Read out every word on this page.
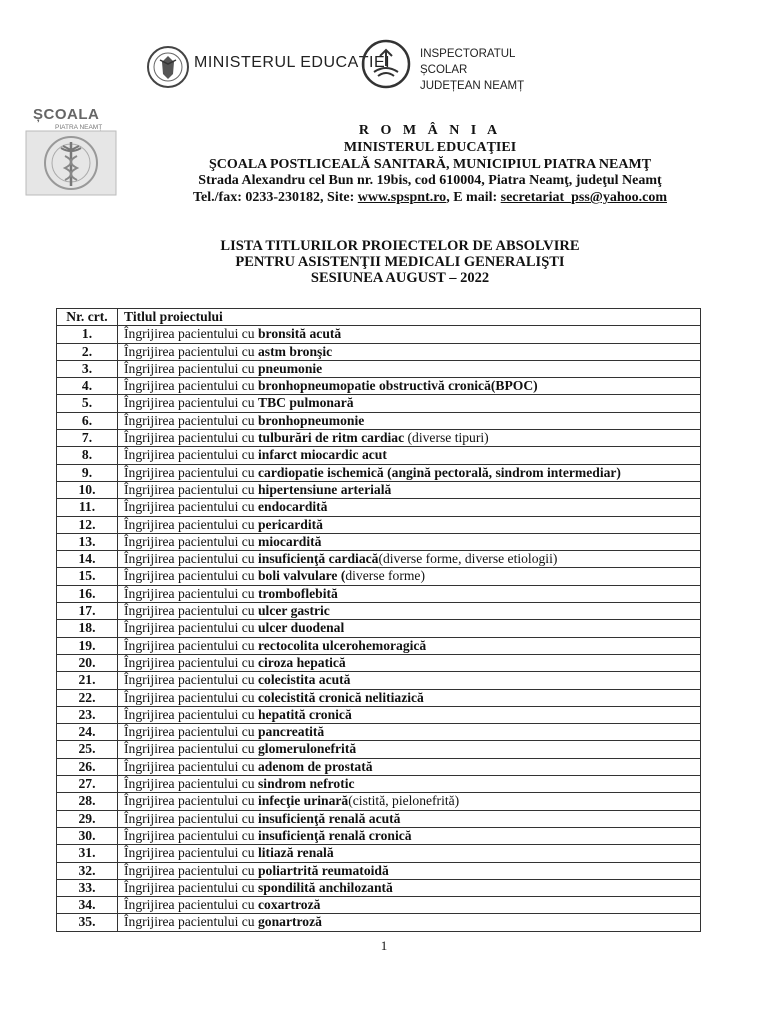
MINISTERUL EDUCAȚIEI	INSPECTORATUL ȘCOLAR
JUDEȚEAN NEAMȚ
ȘCOALA
PIATRA NEAMȚ	R O M Â N I A
MINISTERUL EDUCAŢIEI
ŞCOALA POSTLICEALĂ SANITARĂ, MUNICIPIUL PIATRA NEAMŢ
Strada Alexandru cel Bun nr. 19bis, cod 610004, Piatra Neamţ, judeţul Neamţ
Tel./fax: 0233-230182, Site: www.spspnt.ro, E mail: secretariat_pss@yahoo.com
LISTA TITLURILOR PROIECTELOR DE ABSOLVIRE
PENTRU ASISTENŢII MEDICALI GENERALIŞTI
SESIUNEA AUGUST – 2022
Nr. crt.	Titlul proiectului
1.	Îngrijirea pacientului cu bronsită acută
2.	Îngrijirea pacientului cu astm bronşic
3.	Îngrijirea pacientului cu pneumonie
4.	Îngrijirea pacientului cu bronhopneumopatie obstructivă cronică(BPOC)
5.	Îngrijirea pacientului cu TBC pulmonară
6.	Îngrijirea pacientului cu bronhopneumonie
7.	Îngrijirea pacientului cu tulburări de ritm cardiac (diverse tipuri)
8.	Îngrijirea pacientului cu infarct miocardic acut
9.	Îngrijirea pacientului cu cardiopatie ischemică (angină pectorală, sindrom intermediar)
10.	Îngrijirea pacientului cu hipertensiune arterială
11.	Îngrijirea pacientului cu endocardită
12.	Îngrijirea pacientului cu pericardită
13.	Îngrijirea pacientului cu miocardită
14.	Îngrijirea pacientului cu insuficienţă cardiacă(diverse forme, diverse etiologii)
15.	Îngrijirea pacientului cu boli valvulare (diverse forme)
16.	Îngrijirea pacientului cu tromboflebită
17.	Îngrijirea pacientului cu ulcer gastric
18.	Îngrijirea pacientului cu ulcer duodenal
19.	Îngrijirea pacientului cu rectocolita ulcerohemoragică
20.	Îngrijirea pacientului cu ciroza hepatică
21.	Îngrijirea pacientului cu colecistita acută
22.	Îngrijirea pacientului cu colecistită cronică nelitiazică
23.	Îngrijirea pacientului cu hepatită cronică
24.	Îngrijirea pacientului cu pancreatită
25.	Îngrijirea pacientului cu glomerulonefrită
26.	Îngrijirea pacientului cu adenom de prostată
27.	Îngrijirea pacientului cu sindrom nefrotic
28.	Îngrijirea pacientului cu infecţie urinară(cistită, pielonefrită)
29.	Îngrijirea pacientului cu insuficienţă renală acută
30.	Îngrijirea pacientului cu insuficienţă renală cronică
31.	Îngrijirea pacientului cu litiază renală
32.	Îngrijirea pacientului cu poliartrită reumatoidă
33.	Îngrijirea pacientului cu spondilită anchilozantă
34.	Îngrijirea pacientului cu coxartroză
35.	Îngrijirea pacientului cu gonartroză
1
